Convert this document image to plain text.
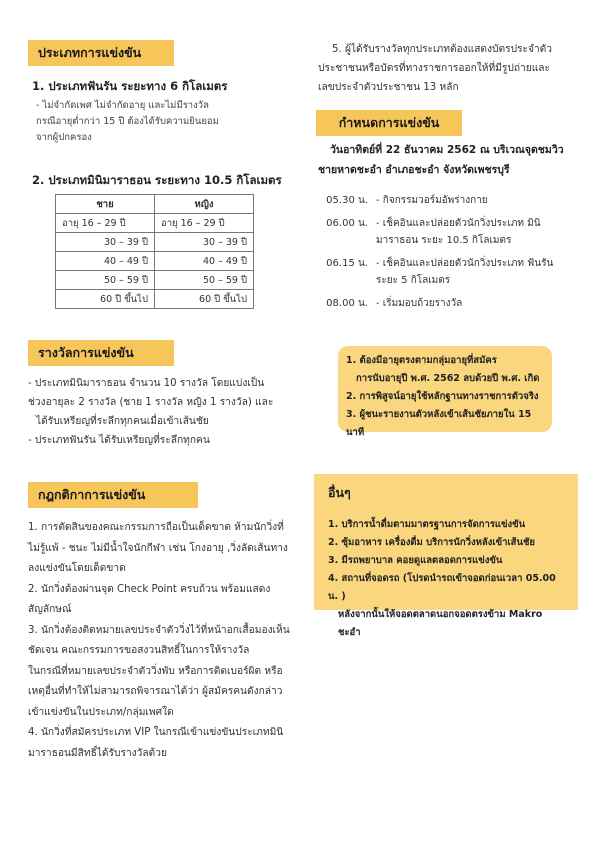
ประเภทการแข่งขัน
1. ประเภทฟันรัน ระยะทาง 6 กิโลเมตร
- ไม่จำกัดเพศ ไม่จำกัดอายุ และไม่มีรางวัล
กรณีอายุต่ำกว่า 15 ปี ต้องได้รับความยินยอม
จากผู้ปกครอง
2. ประเภทมินิมาราธอน ระยะทาง 10.5 กิโลเมตร
ชาย	หญิง
อายุ 16 – 29 ปี	อายุ 16 – 29 ปี
30 – 39 ปี	30 – 39 ปี
40 – 49 ปี	40 – 49 ปี
50 – 59 ปี	50 – 59 ปี
60 ปี ขึ้นไป	60 ปี ขึ้นไป
รางวัลการแข่งขัน
- ประเภทมินิมาราธอน จำนวน 10 รางวัล โดยแบ่งเป็น
ช่วงอายุละ 2 รางวัล (ชาย 1 รางวัล หญิง 1 รางวัล) และ
ได้รับเหรียญที่ระลึกทุกคนเมื่อเข้าเส้นชัย
- ประเภทฟันรัน ได้รับเหรียญที่ระลึกทุกคน
กฎกติกาการแข่งขัน
1. การตัดสินของคณะกรรมการถือเป็นเด็ดขาด ห้ามนักวิ่งที่
ไม่รู้แพ้ - ชนะ ไม่มีน้ำใจนักกีฬา เช่น โกงอายุ ,วิ่งลัดเส้นทาง
ลงแข่งขันโดยเด็ดขาด
2. นักวิ่งต้องผ่านจุด Check Point ครบถ้วน พร้อมแสดง
สัญลักษณ์
3. นักวิ่งต้องติดหมายเลขประจำตัววิ่งไว้ที่หน้าอกเสื้อมองเห็น
ชัดเจน คณะกรรมการขอสงวนสิทธิ์ในการให้รางวัล
ในกรณีที่หมายเลขประจำตัววิ่งพับ หรือการติดเบอร์ผิด หรือ
เหตุอื่นที่ทำให้ไม่สามารถพิจารณาได้ว่า ผู้สมัครคนดังกล่าว
เข้าแข่งขันในประเภท/กลุ่มเพศใด
4. นักวิ่งที่สมัครประเภท VIP ในกรณีเข้าแข่งขันประเภทมินิ
มาราธอนมีสิทธิ์ได้รับรางวัลด้วย
5. ผู้ได้รับรางวัลทุกประเภทต้องแสดงบัตรประจำตัว
ประชาชนหรือบัตรที่ทางราชการออกให้ที่มีรูปถ่ายและ
เลขประจำตัวประชาชน 13 หลัก
กำหนดการแข่งขัน
วันอาทิตย์ที่ 22 ธันวาคม 2562 ณ บริเวณจุดชมวิว
ชายหาดชะอำ อำเภอชะอำ จังหวัดเพชรบุรี
05.30 น. - กิจกรรมวอร์มอัพร่างกาย
06.00 น. - เช็คอินและปล่อยตัวนักวิ่งประเภท มินิมาราธอน ระยะ 10.5 กิโลเมตร
06.15 น. - เช็คอินและปล่อยตัวนักวิ่งประเภท ฟันรัน ระยะ 5 กิโลเมตร
08.00 น. - เริ่มมอบถ้วยรางวัล
1. ต้องมีอายุตรงตามกลุ่มอายุที่สมัคร
การนับอายุปี พ.ศ. 2562 ลบด้วยปี พ.ศ. เกิด
2. การพิสูจน์อายุใช้หลักฐานทางราชการตัวจริง
3. ผู้ชนะรายงานตัวหลังเข้าเส้นชัยภายใน 15 นาที
อื่นๆ
1. บริการน้ำดื่มตามมาตรฐานการจัดการแข่งขัน
2. ซุ้มอาหาร เครื่องดื่ม บริการนักวิ่งหลังเข้าเส้นชัย
3. มีรถพยาบาล คอยดูแลตลอดการแข่งขัน
4. สถานที่จอดรถ (โปรดนำรถเข้าจอดก่อนเวลา 05.00 น. )
หลังจากนั้นให้จอดตลาดนอกจอดตรงข้าม Makro ชะอำ
